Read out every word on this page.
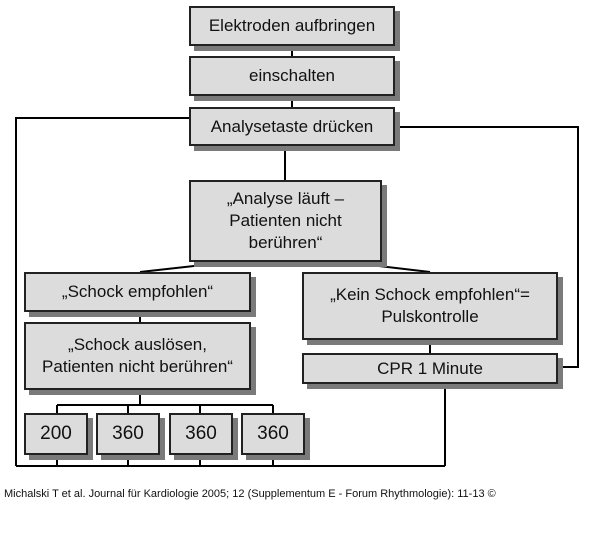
Elektroden aufbringen
einschalten
Analysetaste drücken
„Analyse läuft –
Patienten nicht
berühren“
„Schock empfohlen“	„Kein Schock empfohlen“=
Pulskontrolle
„Schock auslösen,
Patienten nicht berühren“	CPR 1 Minute
200 360 360 360
Michalski T et al. Journal für Kardiologie 2005; 12 (Supplementum E - Forum Rhythmologie): 11-13 ©
